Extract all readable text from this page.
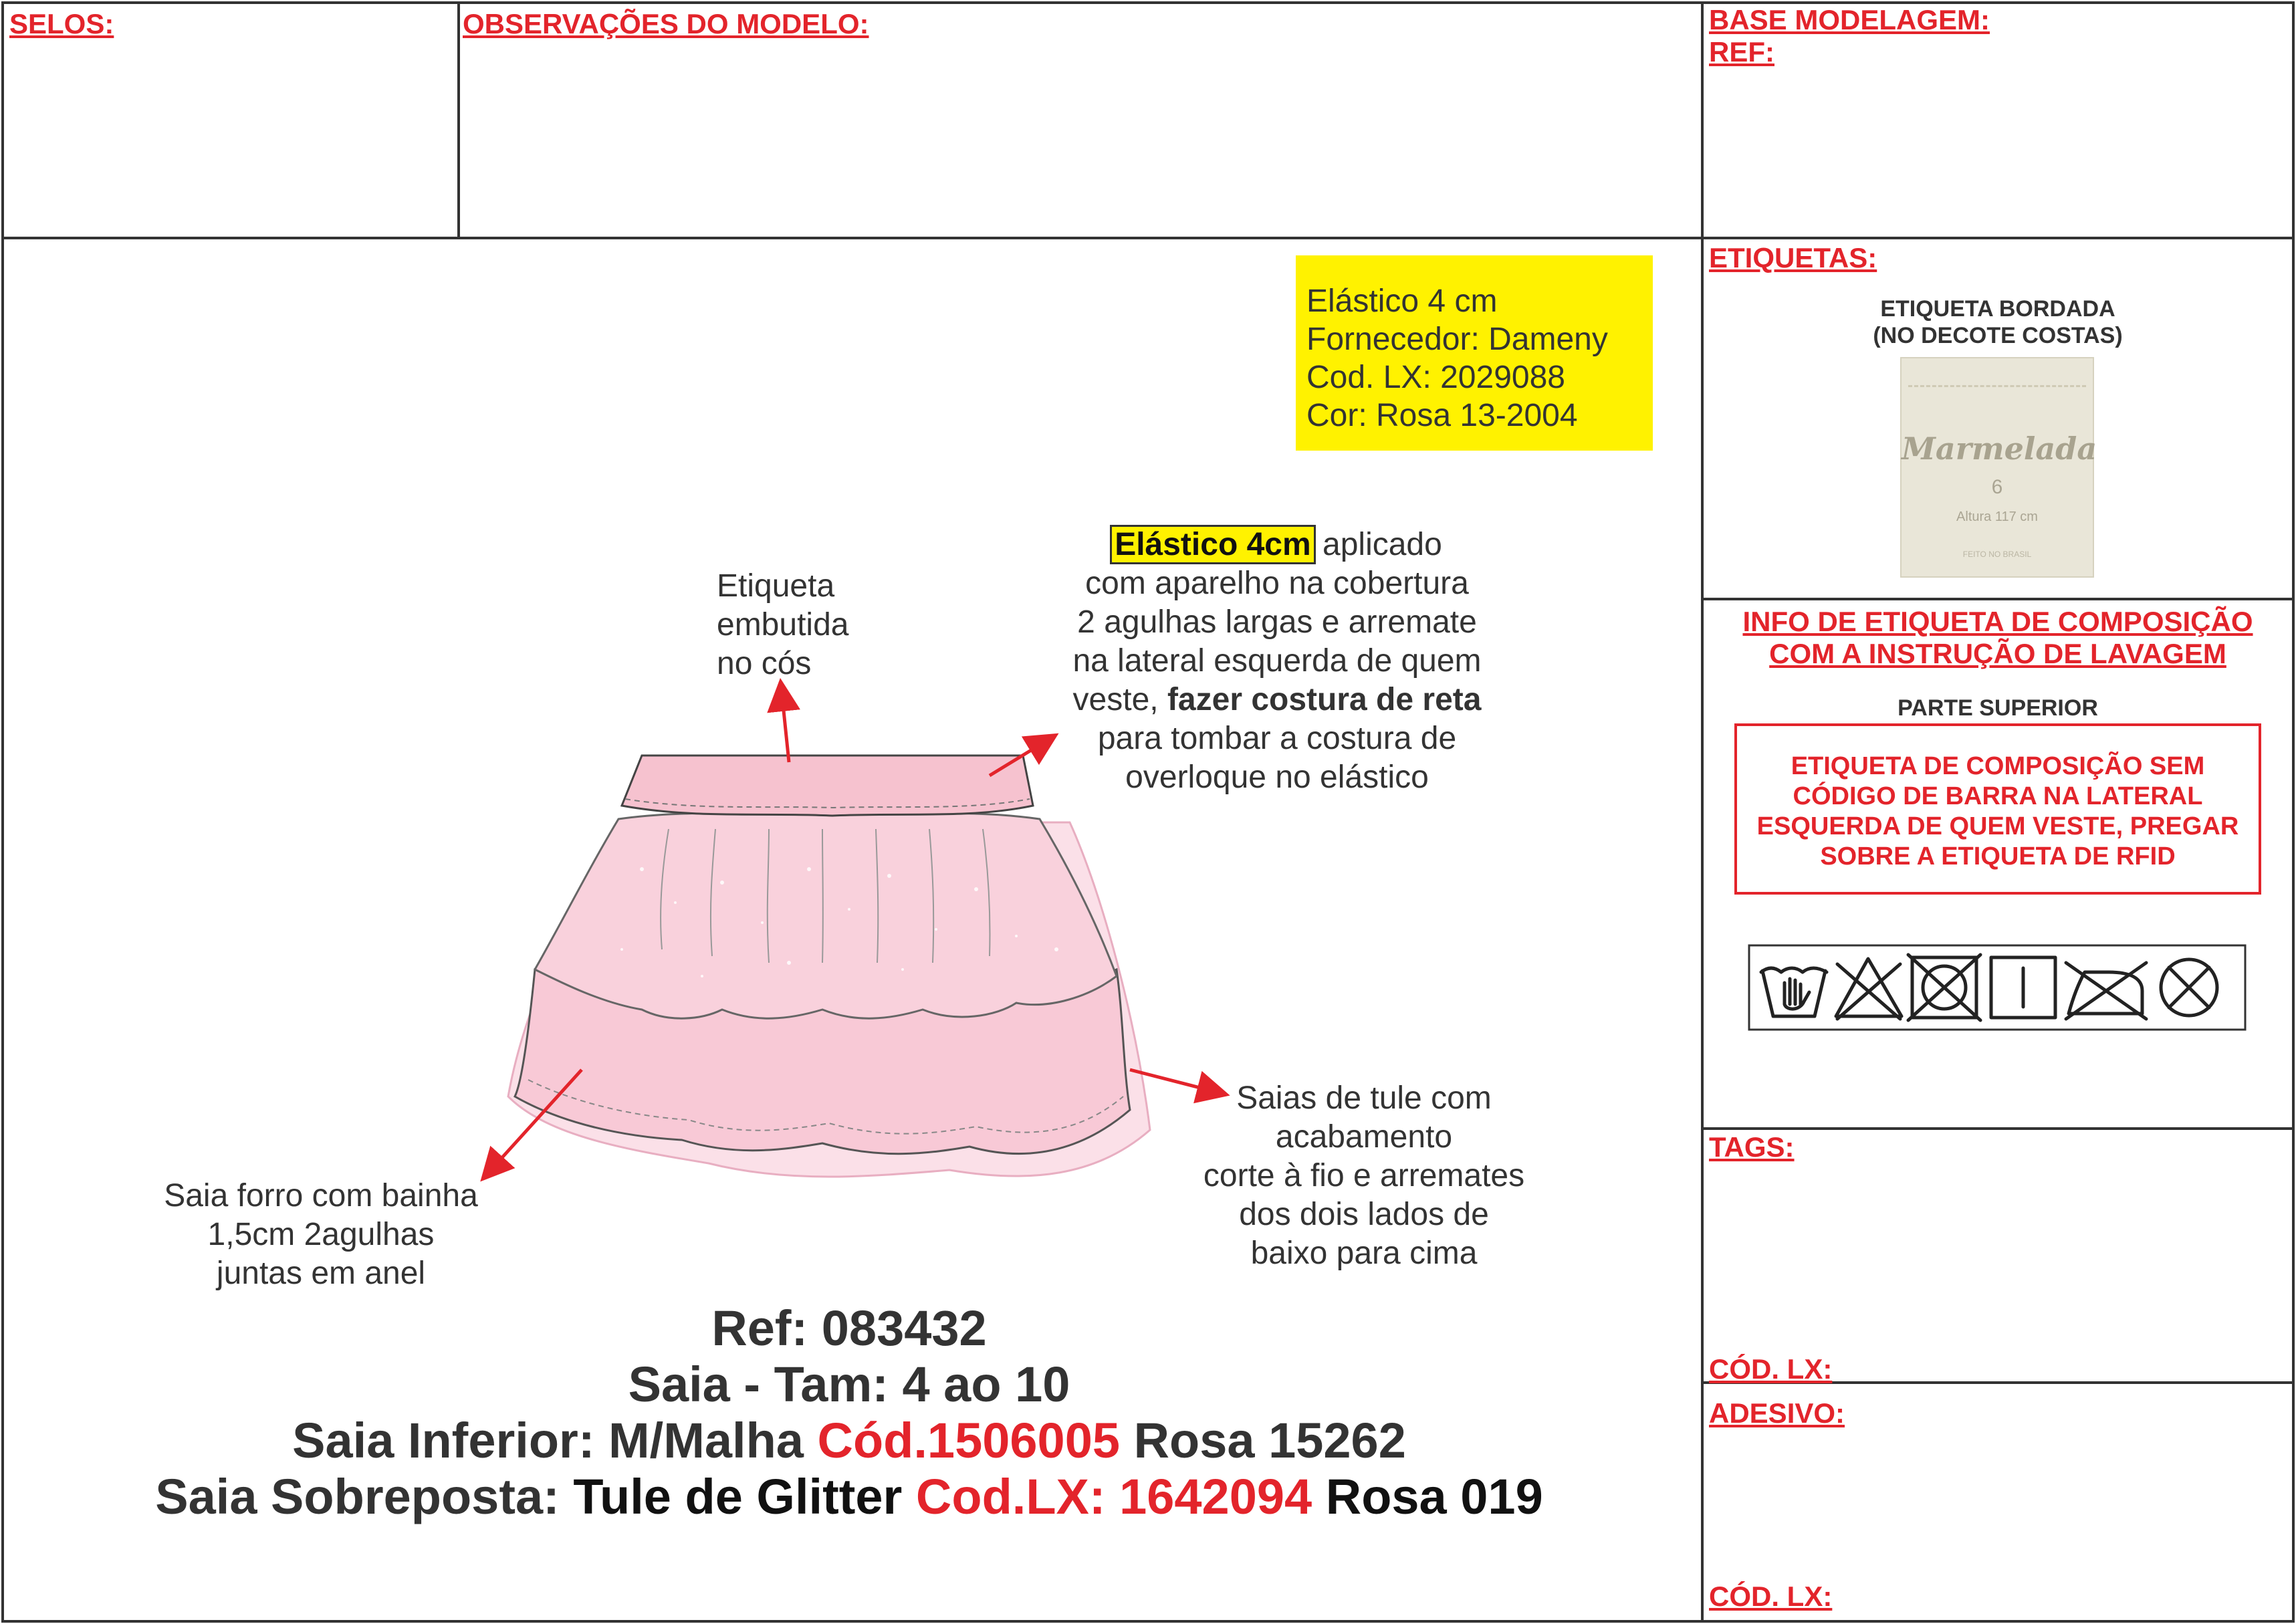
SELOS:	OBSERVAÇÕES DO MODELO:	BASE MODELAGEM:
REF:
Elástico 4 cm
Fornecedor: Dameny
Cod. LX: 2029088
Cor: Rosa 13-2004
Etiqueta
embutida
no cós
Elástico 4cm aplicado
com aparelho na cobertura
2 agulhas largas e arremate
na lateral esquerda de quem
veste, fazer costura de reta
para tombar a costura de
overloque no elástico
Saias de tule com
acabamento
corte à fio e arremates
dos dois lados de
baixo para cima
Saia forro com bainha
1,5cm 2agulhas
juntas em anel
Ref: 083432
Saia - Tam: 4 ao 10
Saia Inferior: M/Malha Cód.1506005 Rosa 15262
Saia Sobreposta: Tule de Glitter Cod.LX: 1642094 Rosa 019
ETIQUETAS:
ETIQUETA BORDADA
(NO DECOTE COSTAS)
Marmelada
6
Altura 117 cm
FEITO NO BRASIL
INFO DE ETIQUETA DE COMPOSIÇÃO
COM A INSTRUÇÃO DE LAVAGEM
PARTE SUPERIOR
ETIQUETA DE COMPOSIÇÃO SEM
CÓDIGO DE BARRA NA LATERAL
ESQUERDA DE QUEM VESTE, PREGAR
SOBRE A ETIQUETA DE RFID
TAGS:
CÓD. LX:
ADESIVO:
CÓD. LX:
